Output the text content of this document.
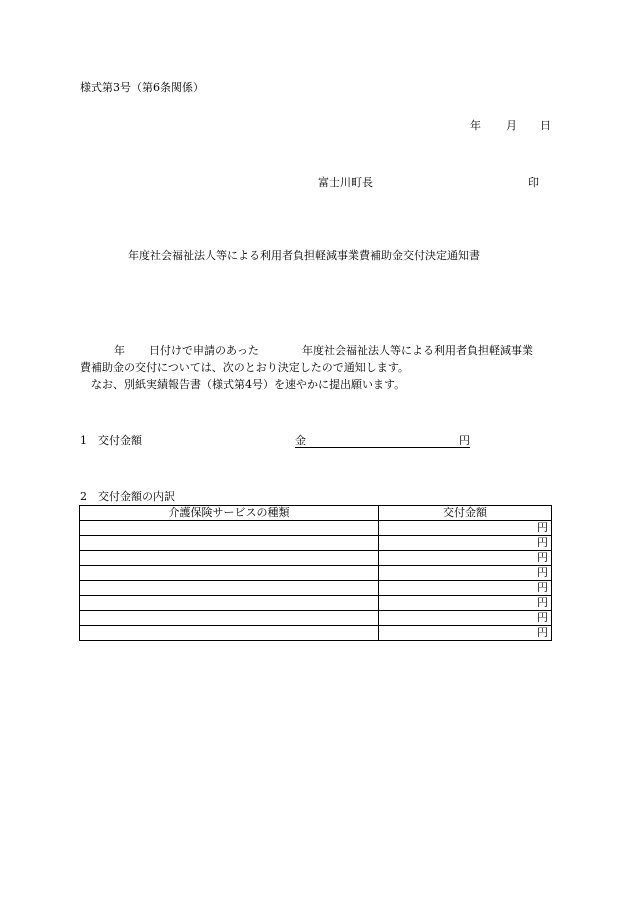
様式第3号（第6条関係）
年 月 日
富士川町長	印
年度社会福祉法人等による利用者負担軽減事業費補助金交付決定通知書
年 日付けで申請のあった	年度社会福祉法人等による利用者負担軽減事業
費補助金の交付については、次のとおり決定したので通知します。
なお、別紙実績報告書（様式第4号）を速やかに提出願います。
1 交付金額	金	円
2　交付金額の内訳
介護保険サービスの種類	交付金額
	円
	円
	円
	円
	円
	円
	円
	円
